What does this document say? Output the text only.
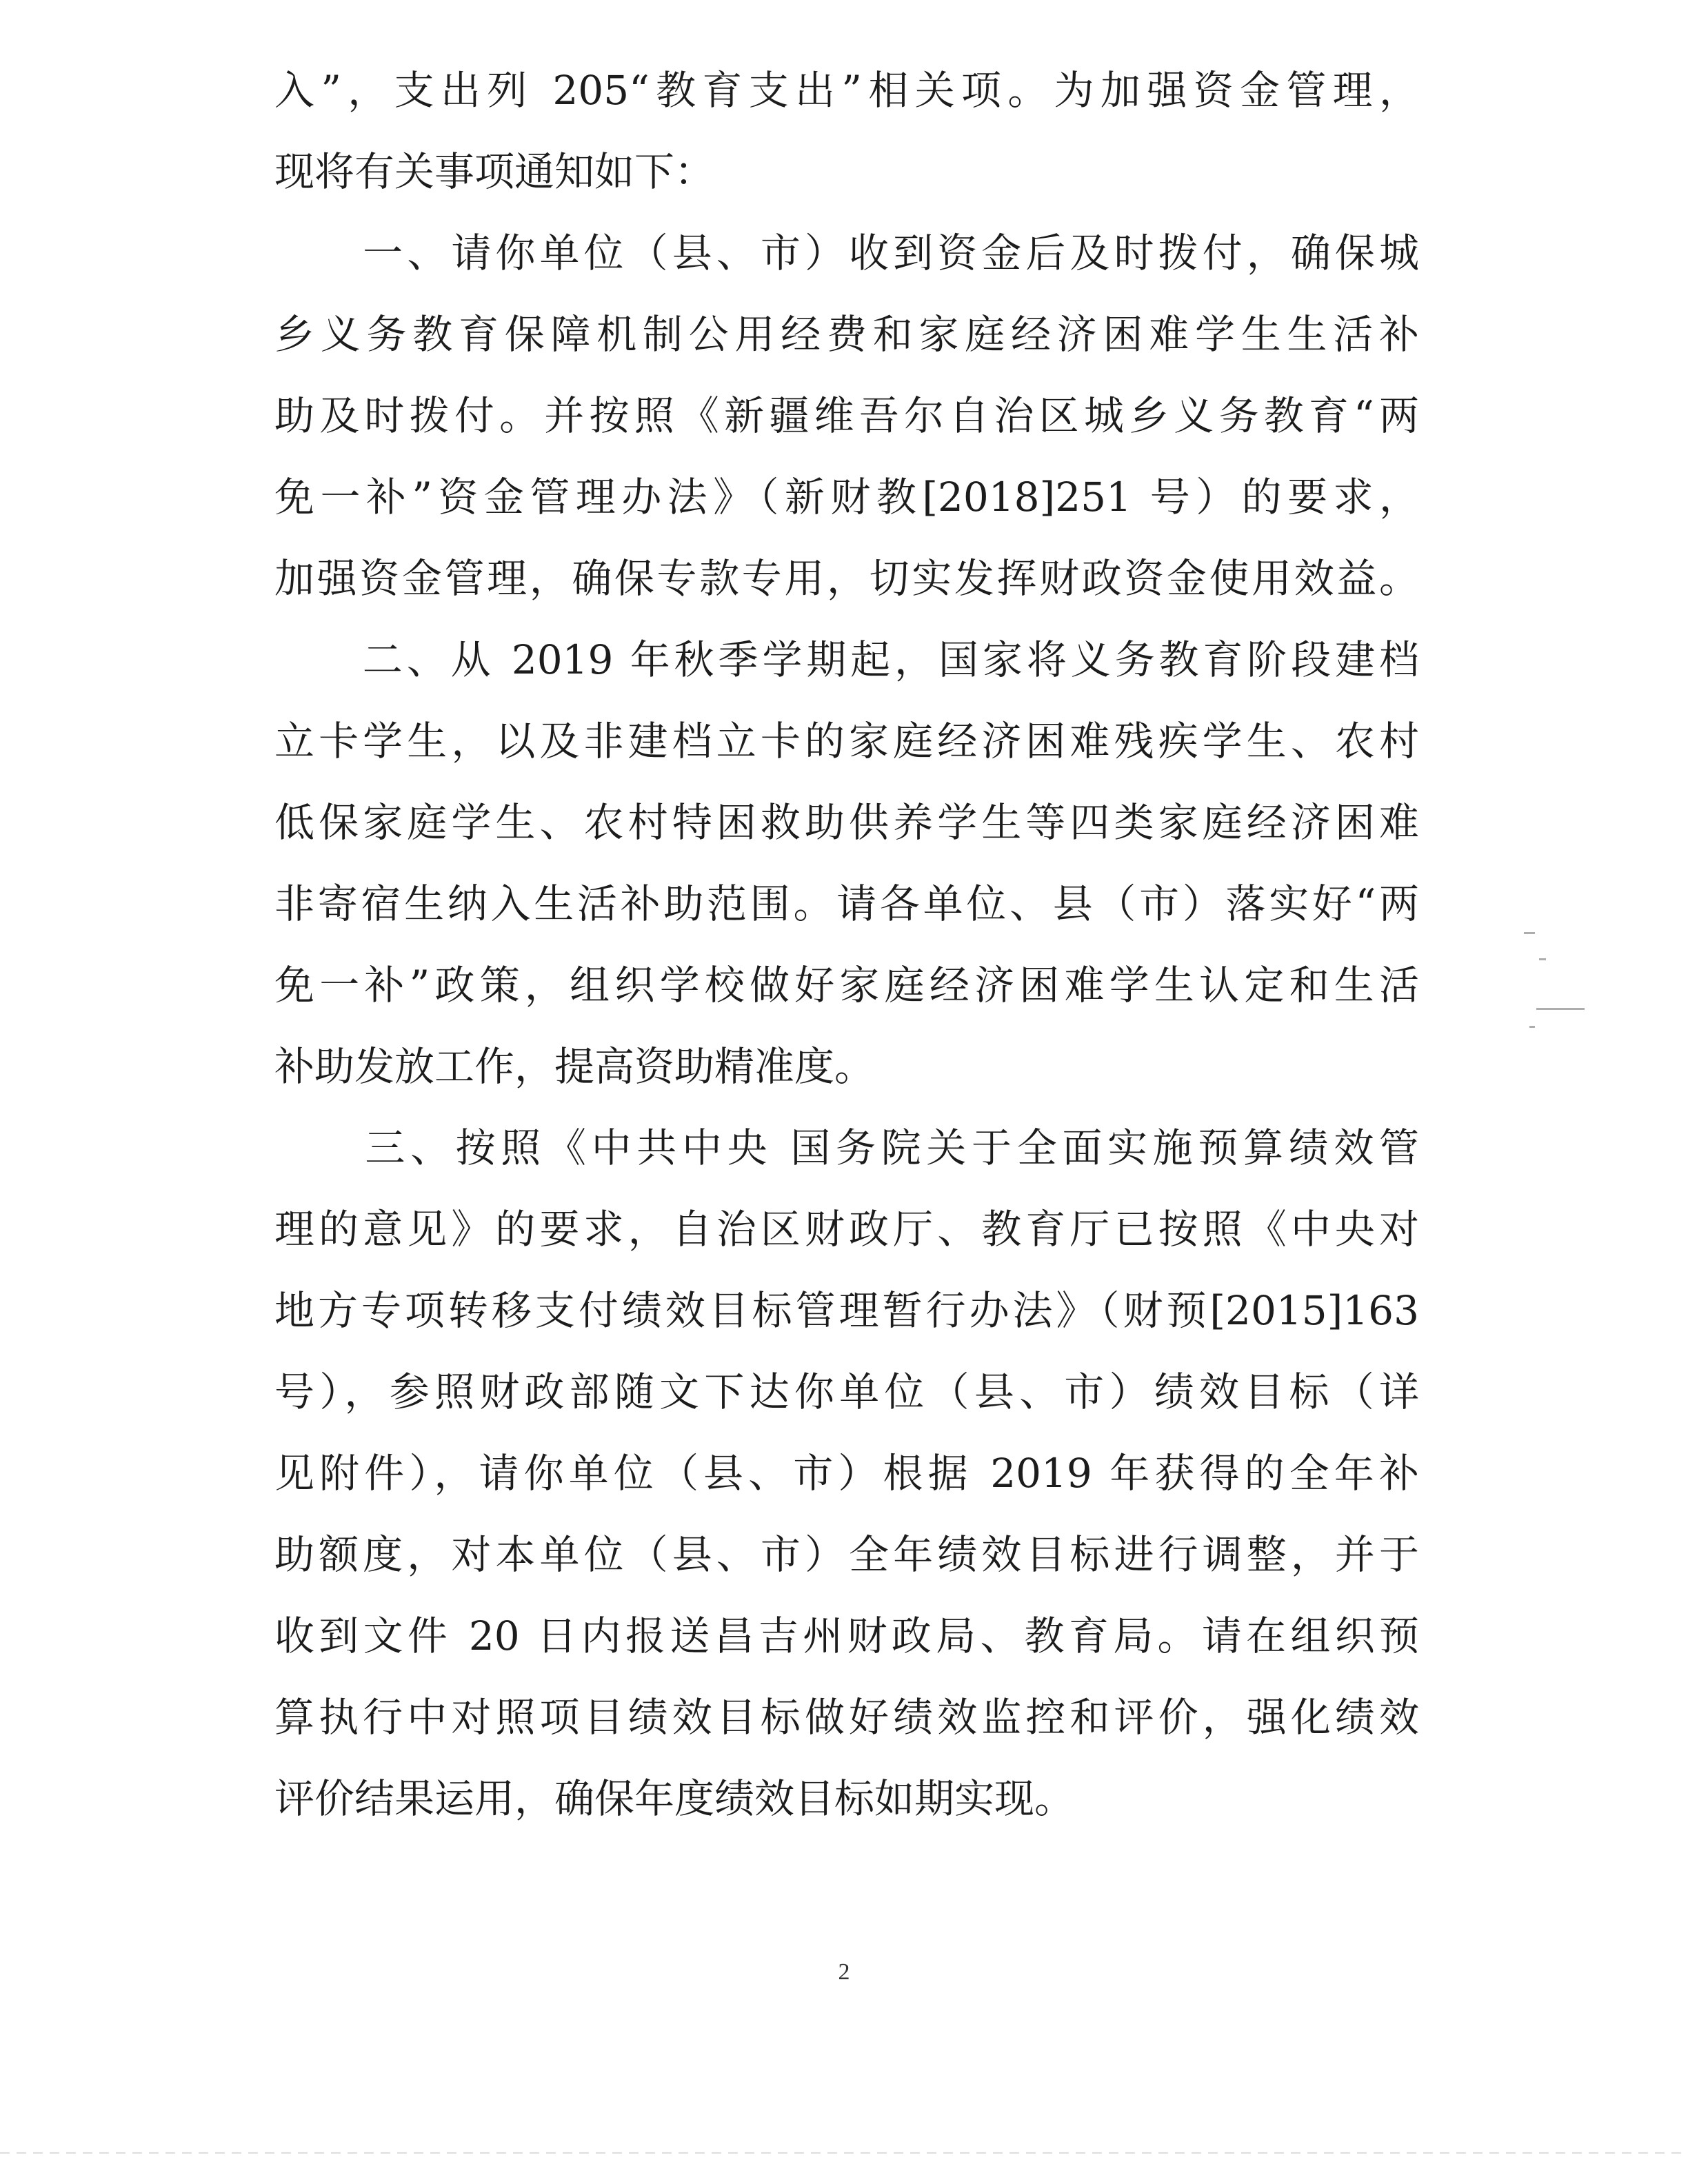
入”，支出列 205“教育支出”相关项。为加强资金管理，
现将有关事项通知如下：
　　一、请你单位（县、市）收到资金后及时拨付，确保城
乡义务教育保障机制公用经费和家庭经济困难学生生活补
助及时拨付。并按照《新疆维吾尔自治区城乡义务教育“两
免一补”资金管理办法》（新财教[2018]251 号）的要求，
加强资金管理，确保专款专用，切实发挥财政资金使用效益。
　　二、从 2019 年秋季学期起，国家将义务教育阶段建档
立卡学生，以及非建档立卡的家庭经济困难残疾学生、农村
低保家庭学生、农村特困救助供养学生等四类家庭经济困难
非寄宿生纳入生活补助范围。请各单位、县（市）落实好“两
免一补”政策，组织学校做好家庭经济困难学生认定和生活
补助发放工作，提高资助精准度。
　　三、按照《中共中央 国务院关于全面实施预算绩效管
理的意见》的要求，自治区财政厅、教育厅已按照《中央对
地方专项转移支付绩效目标管理暂行办法》（财预[2015]163
号），参照财政部随文下达你单位（县、市）绩效目标（详
见附件），请你单位（县、市）根据 2019 年获得的全年补
助额度，对本单位（县、市）全年绩效目标进行调整，并于
收到文件 20 日内报送昌吉州财政局、教育局。请在组织预
算执行中对照项目绩效目标做好绩效监控和评价，强化绩效
评价结果运用，确保年度绩效目标如期实现。
2
